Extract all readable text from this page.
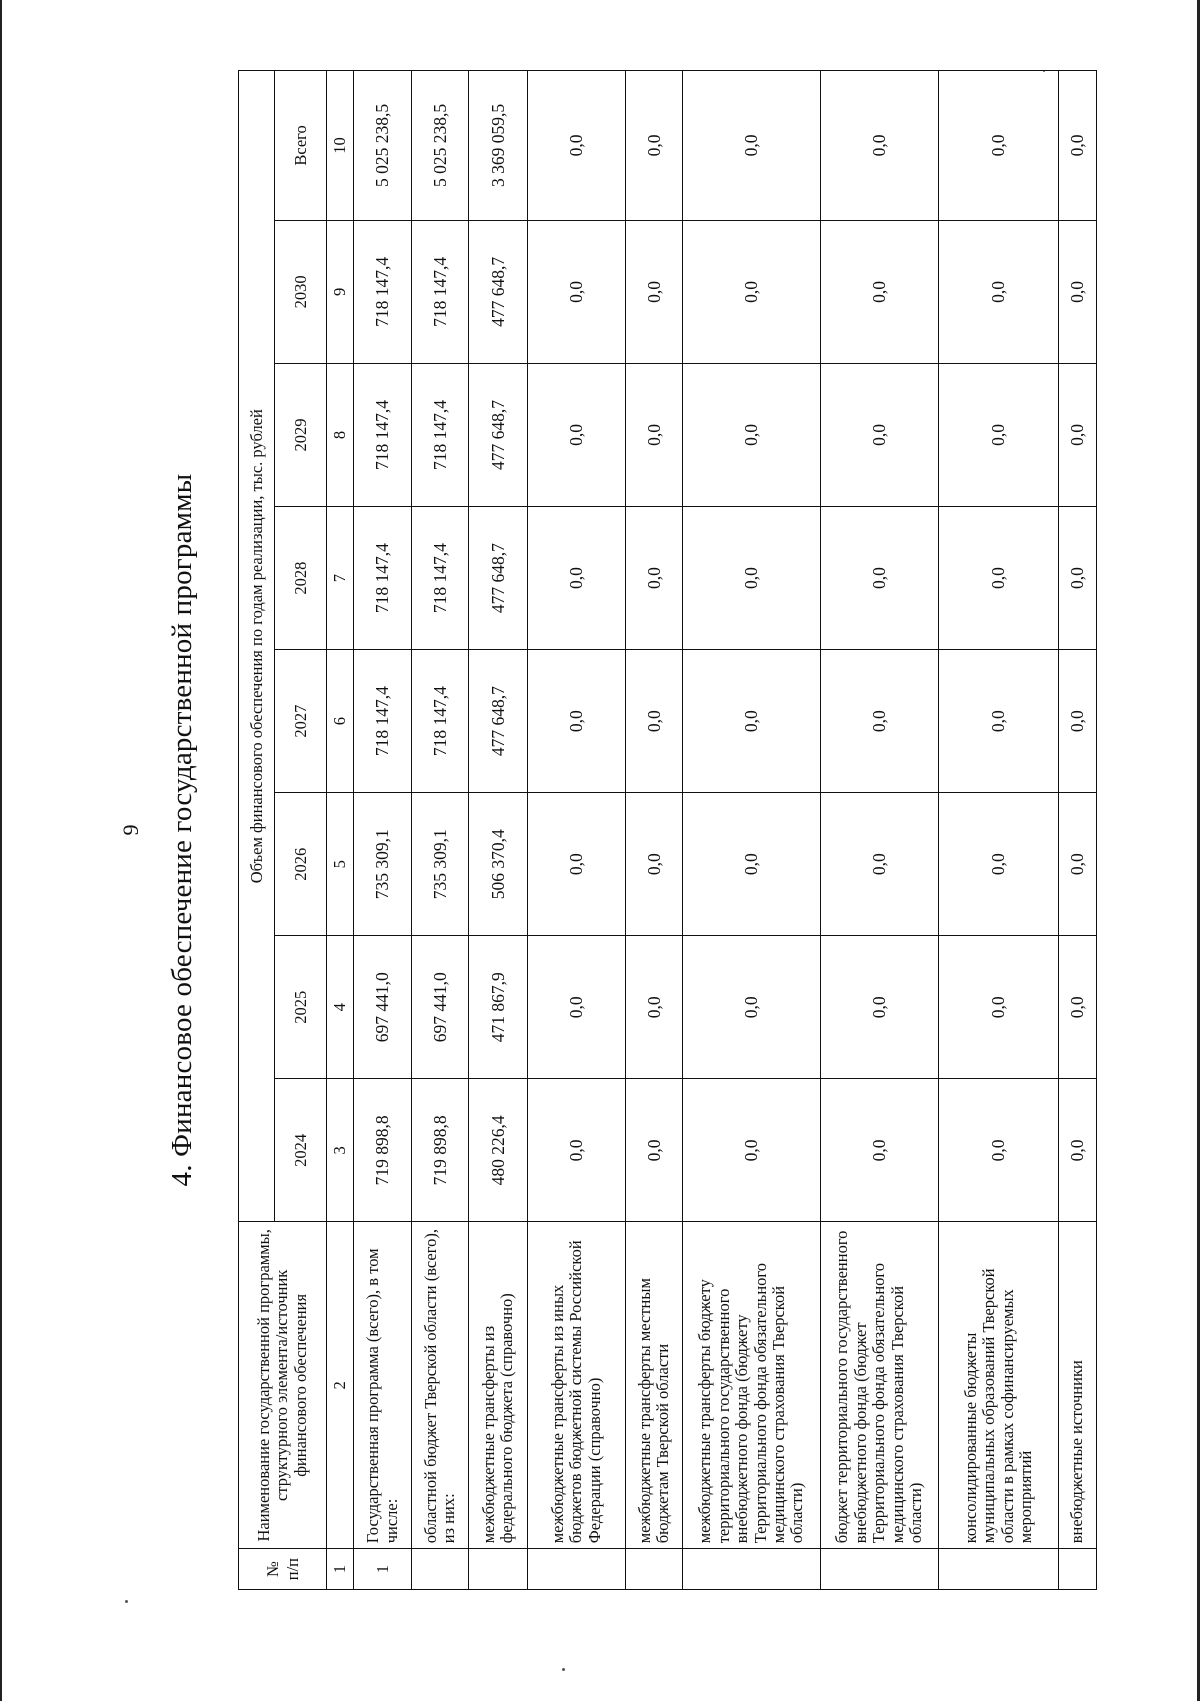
9 4. Финансовое обеспечение государственной программы
№ п/п	Наименование государственной программы, структурного элемента/источник финансового обеспечения	Объем финансового обеспечения по годам реализации, тыс. рублей							
		2024	2025	2026	2027	2028	2029	2030	Всего
1	2	3	4	5	6	7	8	9	10
1	Государственная программа (всего), в том числе:	719 898,8	697 441,0	735 309,1	718 147,4	718 147,4	718 147,4	718 147,4	5 025 238,5
	областной бюджет Тверской области (всего), из них:	719 898,8	697 441,0	735 309,1	718 147,4	718 147,4	718 147,4	718 147,4	5 025 238,5
	межбюджетные трансферты из федерального бюджета (справочно)	480 226,4	471 867,9	506 370,4	477 648,7	477 648,7	477 648,7	477 648,7	3 369 059,5
	межбюджетные трансферты из иных бюджетов бюджетной системы Российской Федерации (справочно)	0,0	0,0	0,0	0,0	0,0	0,0	0,0	0,0
	межбюджетные трансферты местным бюджетам Тверской области	0,0	0,0	0,0	0,0	0,0	0,0	0,0	0,0
	межбюджетные трансферты бюджету территориального государственного внебюджетного фонда (бюджету Территориального фонда обязательного медицинского страхования Тверской области)	0,0	0,0	0,0	0,0	0,0	0,0	0,0	0,0
	бюджет территориального государственного внебюджетного фонда (бюджет Территориального фонда обязательного медицинского страхования Тверской области)	0,0	0,0	0,0	0,0	0,0	0,0	0,0	0,0
	консолидированные бюджеты муниципальных образований Тверской области в рамках софинансируемых мероприятий	0,0	0,0	0,0	0,0	0,0	0,0	0,0	0,0
	внебюджетные источники	0,0	0,0	0,0	0,0	0,0	0,0	0,0	0,0
